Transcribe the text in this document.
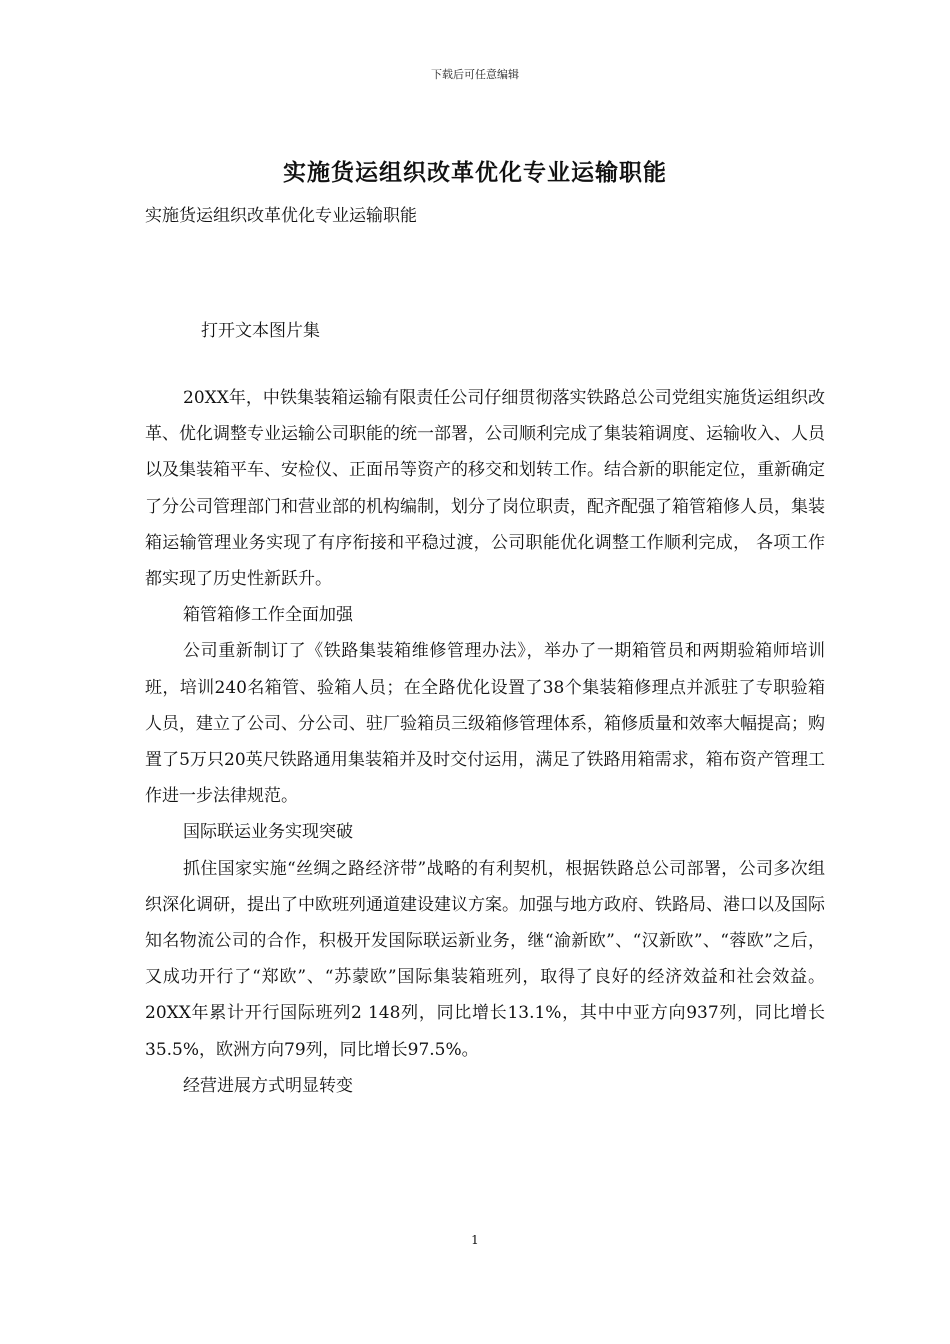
下载后可任意编辑
实施货运组织改革优化专业运输职能
实施货运组织改革优化专业运输职能
打开文本图片集

20XX年，中铁集装箱运输有限责任公司仔细贯彻落实铁路总公司党组实施货运组织改革、优化调整专业运输公司职能的统一部署，公司顺利完成了集装箱调度、运输收入、人员以及集装箱平车、安检仪、正面吊等资产的移交和划转工作。结合新的职能定位，重新确定了分公司管理部门和营业部的机构编制，划分了岗位职责，配齐配强了箱管箱修人员，集装箱运输管理业务实现了有序衔接和平稳过渡，公司职能优化调整工作顺利完成， 各项工作都实现了历史性新跃升。

箱管箱修工作全面加强

公司重新制订了《铁路集装箱维修管理办法》，举办了一期箱管员和两期验箱师培训班，培训240名箱管、验箱人员；在全路优化设置了38个集装箱修理点并派驻了专职验箱人员，建立了公司、分公司、驻厂验箱员三级箱修管理体系，箱修质量和效率大幅提高；购置了5万只20英尺铁路通用集装箱并及时交付运用，满足了铁路用箱需求，箱布资产管理工作进一步法律规范。

国际联运业务实现突破

抓住国家实施“丝绸之路经济带”战略的有利契机，根据铁路总公司部署，公司多次组织深化调研，提出了中欧班列通道建设建议方案。加强与地方政府、铁路局、港口以及国际知名物流公司的合作，积极开发国际联运新业务，继“渝新欧”、“汉新欧”、“蓉欧”之后，又成功开行了“郑欧”、“苏蒙欧”国际集装箱班列，取得了良好的经济效益和社会效益。20XX年累计开行国际班列2 148列，同比增长13.1%，其中中亚方向937列，同比增长35.5%，欧洲方向79列，同比增长97.5%。

经营进展方式明显转变

1
